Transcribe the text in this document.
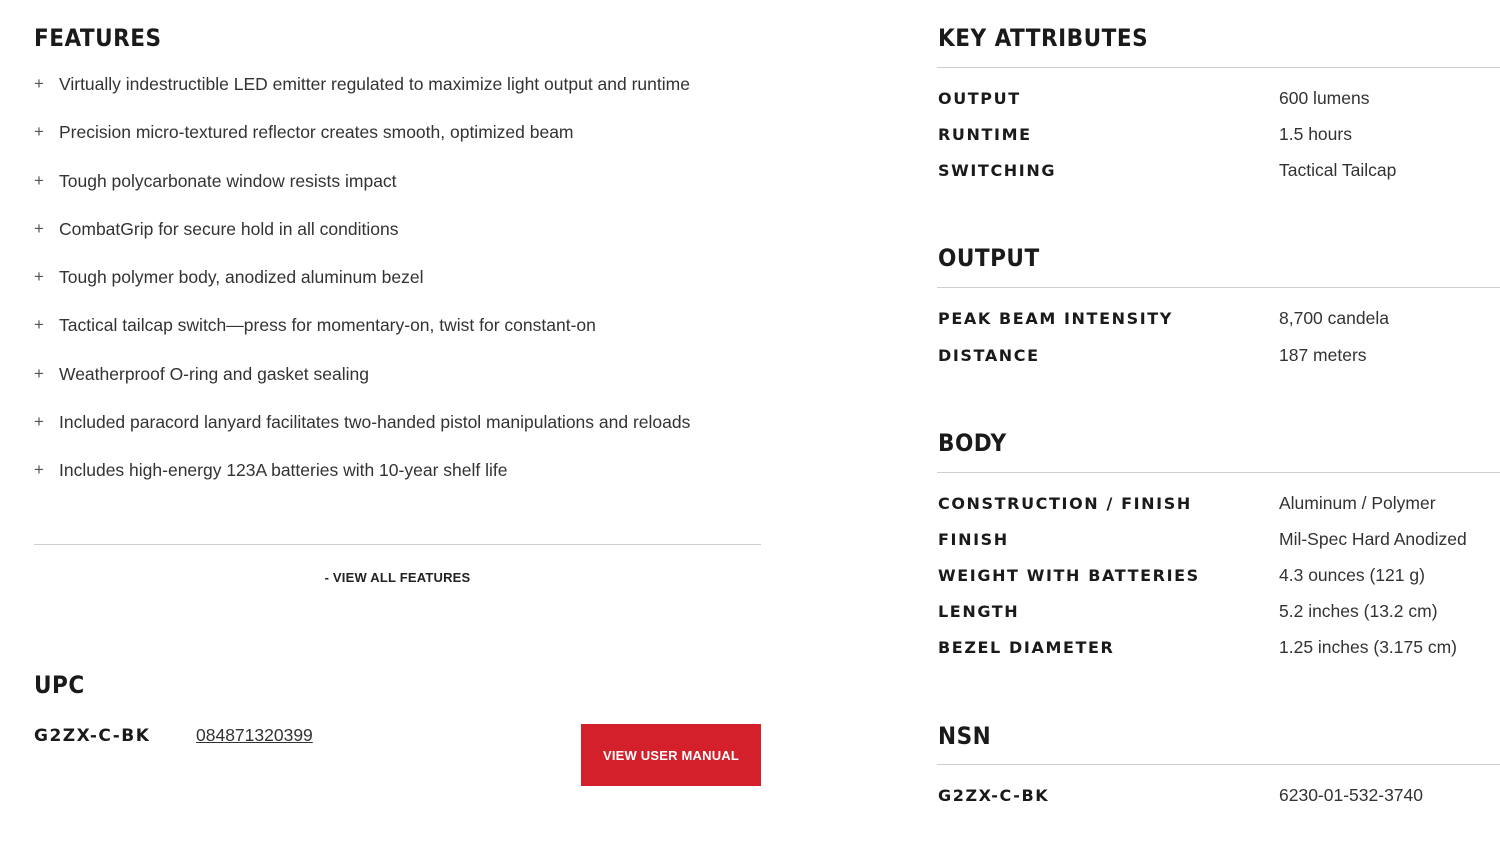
FEATURES
+ Virtually indestructible LED emitter regulated to maximize light output and runtime
+ Precision micro-textured reflector creates smooth, optimized beam
+ Tough polycarbonate window resists impact
+ CombatGrip for secure hold in all conditions
+ Tough polymer body, anodized aluminum bezel
+ Tactical tailcap switch—press for momentary-on, twist for constant-on
+ Weatherproof O-ring and gasket sealing
+ Included paracord lanyard facilitates two-handed pistol manipulations and reloads
+ Includes high-energy 123A batteries with 10-year shelf life
- VIEW ALL FEATURES
UPC
G2ZX-C-BK	084871320399
VIEW USER MANUAL
KEY ATTRIBUTES
OUTPUT	600 lumens
RUNTIME	1.5 hours
SWITCHING	Tactical Tailcap
OUTPUT
PEAK BEAM INTENSITY	8,700 candela
DISTANCE	187 meters
BODY
CONSTRUCTION / FINISH	Aluminum / Polymer
FINISH	Mil-Spec Hard Anodized
WEIGHT WITH BATTERIES	4.3 ounces (121 g)
LENGTH	5.2 inches (13.2 cm)
BEZEL DIAMETER	1.25 inches (3.175 cm)
NSN
G2ZX-C-BK	6230-01-532-3740
